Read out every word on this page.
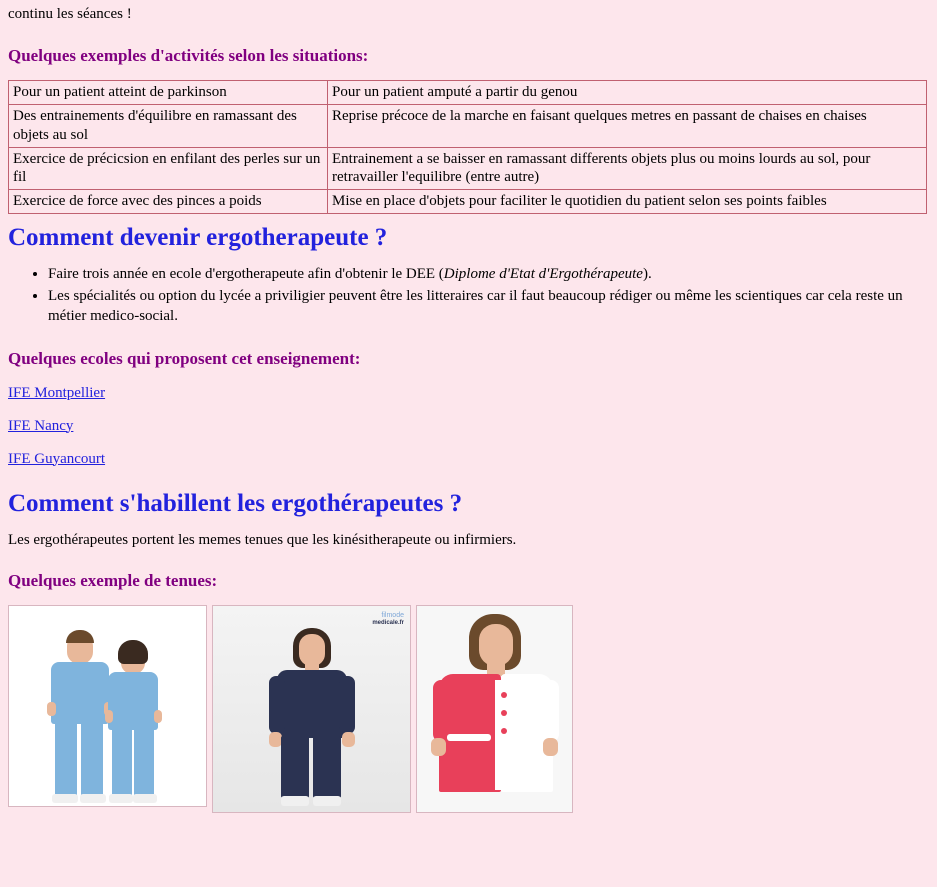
continu les séances !

Quelques exemples d'activités selon les situations:
Pour un patient atteint de parkinson	Pour un patient amputé a partir du genou
Des entrainements d'équilibre en ramassant des objets au sol	Reprise précoce de la marche en faisant quelques metres en passant de chaises en chaises
Exercice de précicsion en enfilant des perles sur un fil	Entrainement a se baisser en ramassant differents objets plus ou moins lourds au sol, pour retravailler l'equilibre (entre autre)
Exercice de force avec des pinces a poids	Mise en place d'objets pour faciliter le quotidien du patient selon ses points faibles
Comment devenir ergotherapeute ?
• Faire trois année en ecole d'ergotherapeute afin d'obtenir le DEE (Diplome d'Etat d'Ergothérapeute).
• Les spécialités ou option du lycée a priviligier peuvent être les litteraires car il faut beaucoup rédiger ou même les scientiques car cela reste un métier medico-social.
Quelques ecoles qui proposent cet enseignement:
IFE Montpellier
IFE Nancy
IFE Guyancourt
Comment s'habillent les ergothérapeutes ?

Les ergothérapeutes portent les memes tenues que les kinésitherapeute ou infirmiers.

Quelques exemple de tenues:
filmode
medicale.fr
